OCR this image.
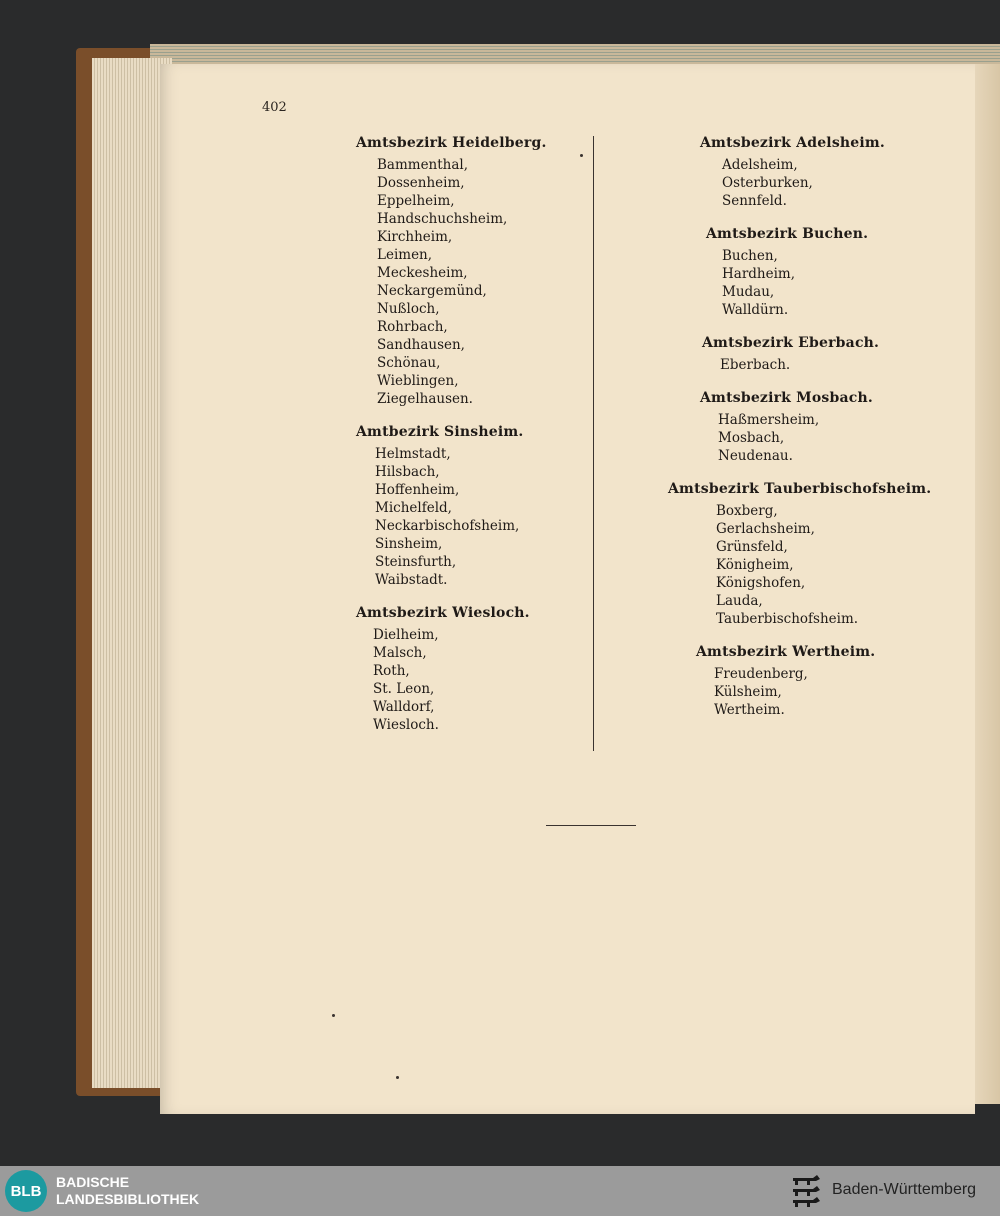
402
Amtsbezirk Heidelberg.
Bammenthal,
Dossenheim,
Eppelheim,
Handschuchsheim,
Kirchheim,
Leimen,
Meckesheim,
Neckargemünd,
Nußloch,
Rohrbach,
Sandhausen,
Schönau,
Wieblingen,
Ziegelhausen.
Amtbezirk Sinsheim.
Helmstadt,
Hilsbach,
Hoffenheim,
Michelfeld,
Neckarbischofsheim,
Sinsheim,
Steinsfurth,
Waibstadt.
Amtsbezirk Wiesloch.
Dielheim,
Malsch,
Roth,
St. Leon,
Walldorf,
Wiesloch.
Amtsbezirk Adelsheim.
Adelsheim,
Osterburken,
Sennfeld.
Amtsbezirk Buchen.
Buchen,
Hardheim,
Mudau,
Walldürn.
Amtsbezirk Eberbach.
Eberbach.
Amtsbezirk Mosbach.
Haßmersheim,
Mosbach,
Neudenau.
Amtsbezirk Tauberbischofsheim.
Boxberg,
Gerlachsheim,
Grünsfeld,
Königheim,
Königshofen,
Lauda,
Tauberbischofsheim.
Amtsbezirk Wertheim.
Freudenberg,
Külsheim,
Wertheim.
BLB
BADISCHE
LANDESBIBLIOTHEK
Baden-Württemberg
